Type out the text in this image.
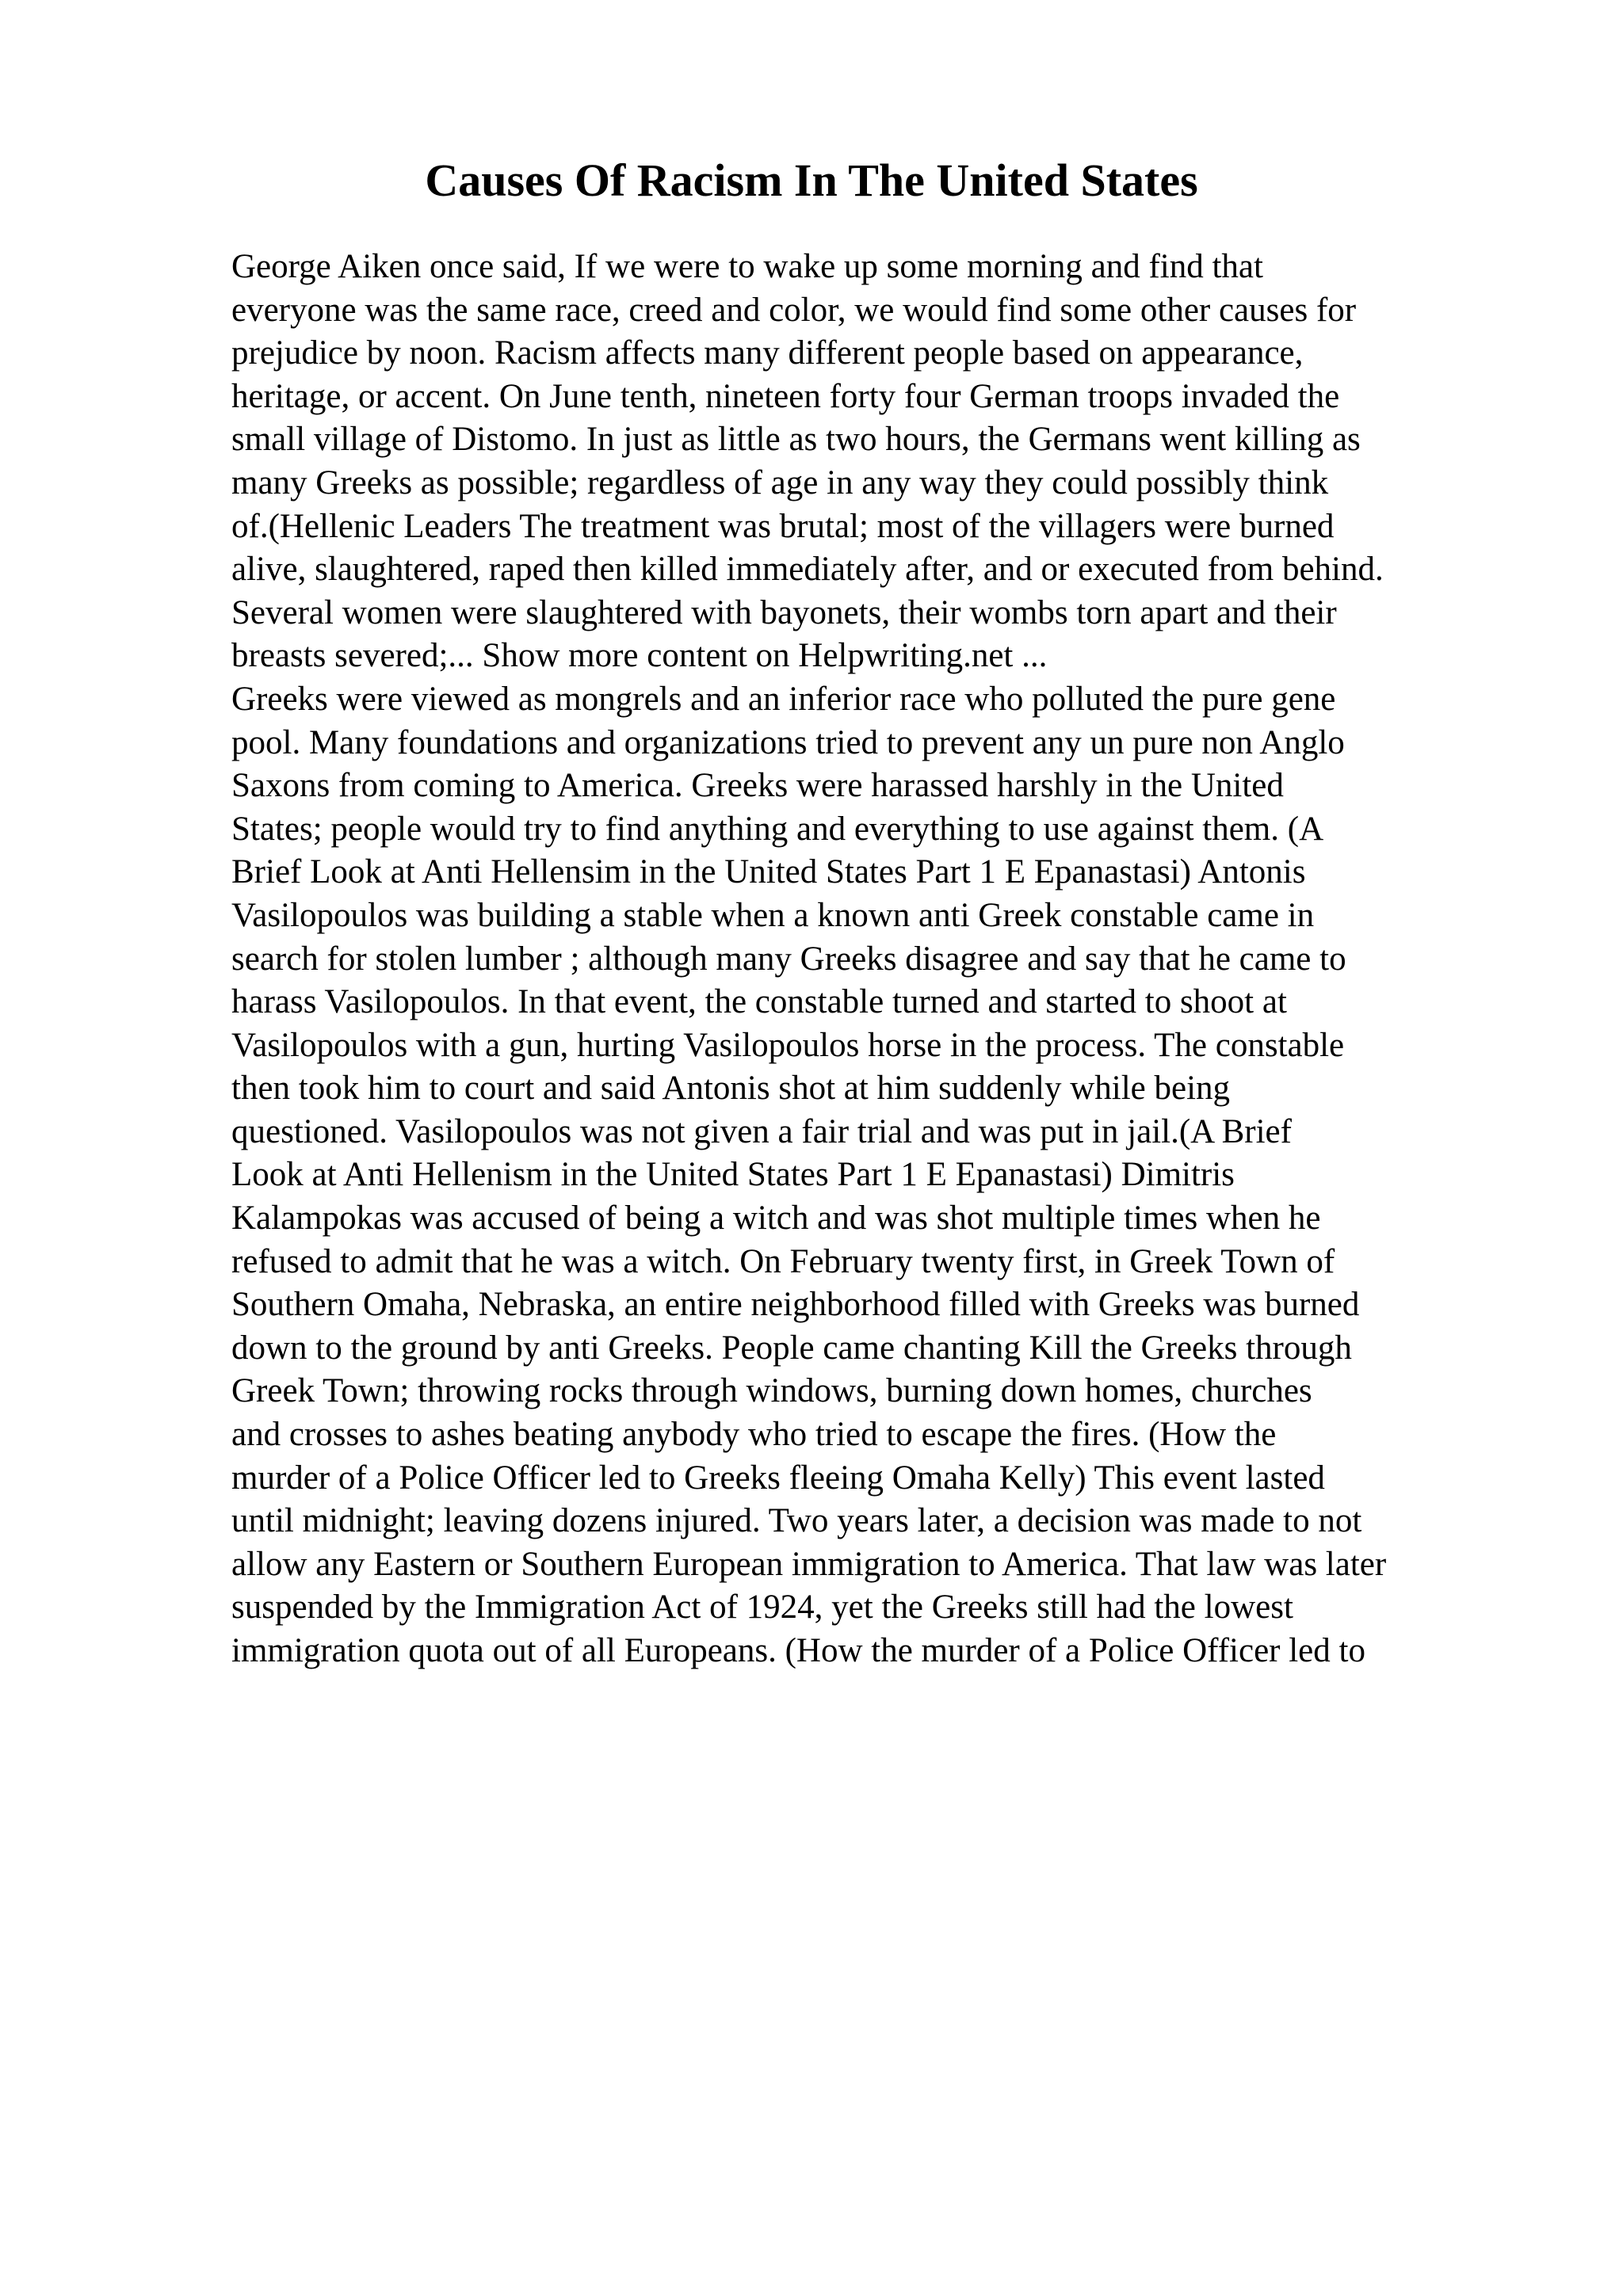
Causes Of Racism In The United States

George Aiken once said, If we were to wake up some morning and find that
everyone was the same race, creed and color, we would find some other causes for
prejudice by noon. Racism affects many different people based on appearance,
heritage, or accent. On June tenth, nineteen forty four German troops invaded the
small village of Distomo. In just as little as two hours, the Germans went killing as
many Greeks as possible; regardless of age in any way they could possibly think
of.(Hellenic Leaders The treatment was brutal; most of the villagers were burned
alive, slaughtered, raped then killed immediately after, and or executed from behind.
Several women were slaughtered with bayonets, their wombs torn apart and their
breasts severed;... Show more content on Helpwriting.net ...
Greeks were viewed as mongrels and an inferior race who polluted the pure gene
pool. Many foundations and organizations tried to prevent any un pure non Anglo
Saxons from coming to America. Greeks were harassed harshly in the United
States; people would try to find anything and everything to use against them. (A
Brief Look at Anti Hellensim in the United States Part 1 E Epanastasi) Antonis
Vasilopoulos was building a stable when a known anti Greek constable came in
search for stolen lumber ; although many Greeks disagree and say that he came to
harass Vasilopoulos. In that event, the constable turned and started to shoot at
Vasilopoulos with a gun, hurting Vasilopoulos horse in the process. The constable
then took him to court and said Antonis shot at him suddenly while being
questioned. Vasilopoulos was not given a fair trial and was put in jail.(A Brief
Look at Anti Hellenism in the United States Part 1 E Epanastasi) Dimitris
Kalampokas was accused of being a witch and was shot multiple times when he
refused to admit that he was a witch. On February twenty first, in Greek Town of
Southern Omaha, Nebraska, an entire neighborhood filled with Greeks was burned
down to the ground by anti Greeks. People came chanting Kill the Greeks through
Greek Town; throwing rocks through windows, burning down homes, churches
and crosses to ashes beating anybody who tried to escape the fires. (How the
murder of a Police Officer led to Greeks fleeing Omaha Kelly) This event lasted
until midnight; leaving dozens injured. Two years later, a decision was made to not
allow any Eastern or Southern European immigration to America. That law was later
suspended by the Immigration Act of 1924, yet the Greeks still had the lowest
immigration quota out of all Europeans. (How the murder of a Police Officer led to
